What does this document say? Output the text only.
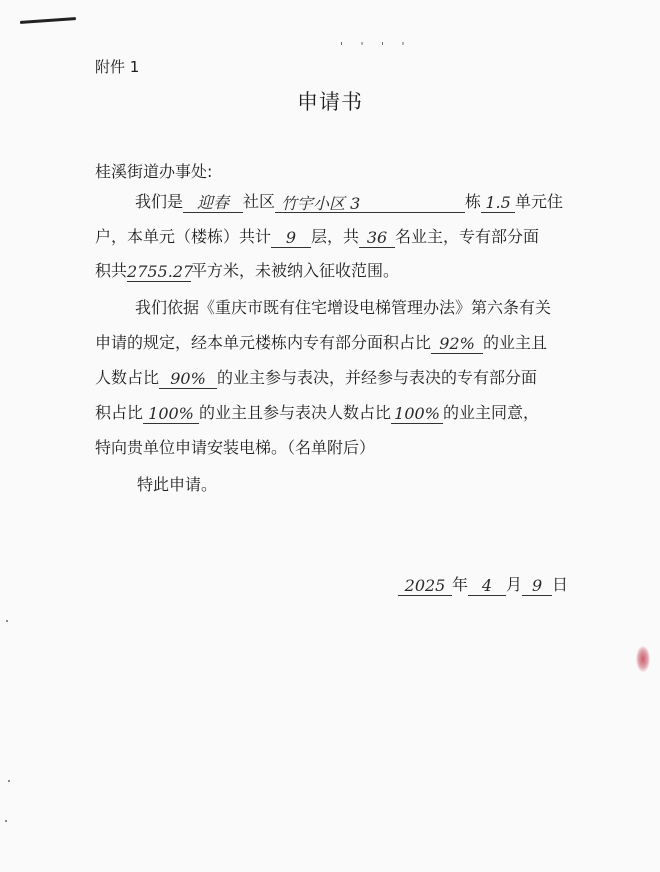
' ' ' '
附件 1
申请书
桂溪街道办事处:
我们是 迎春 社区 竹宇小区 3	栋 1.5 单元住
户，本单元（楼栋）共计 9 层，共 36 名业主，专有部分面
积共2755.27平方米，未被纳入征收范围。
我们依据《重庆市既有住宅增设电梯管理办法》第六条有关
申请的规定，经本单元楼栋内专有部分面积占比 92% 的业主且
人数占比 90% 的业主参与表决，并经参与表决的专有部分面
积占比 100% 的业主且参与表决人数占比 100% 的业主同意，
特向贵单位申请安装电梯。（名单附后）
特此申请。
2025 年 4 月 9 日
